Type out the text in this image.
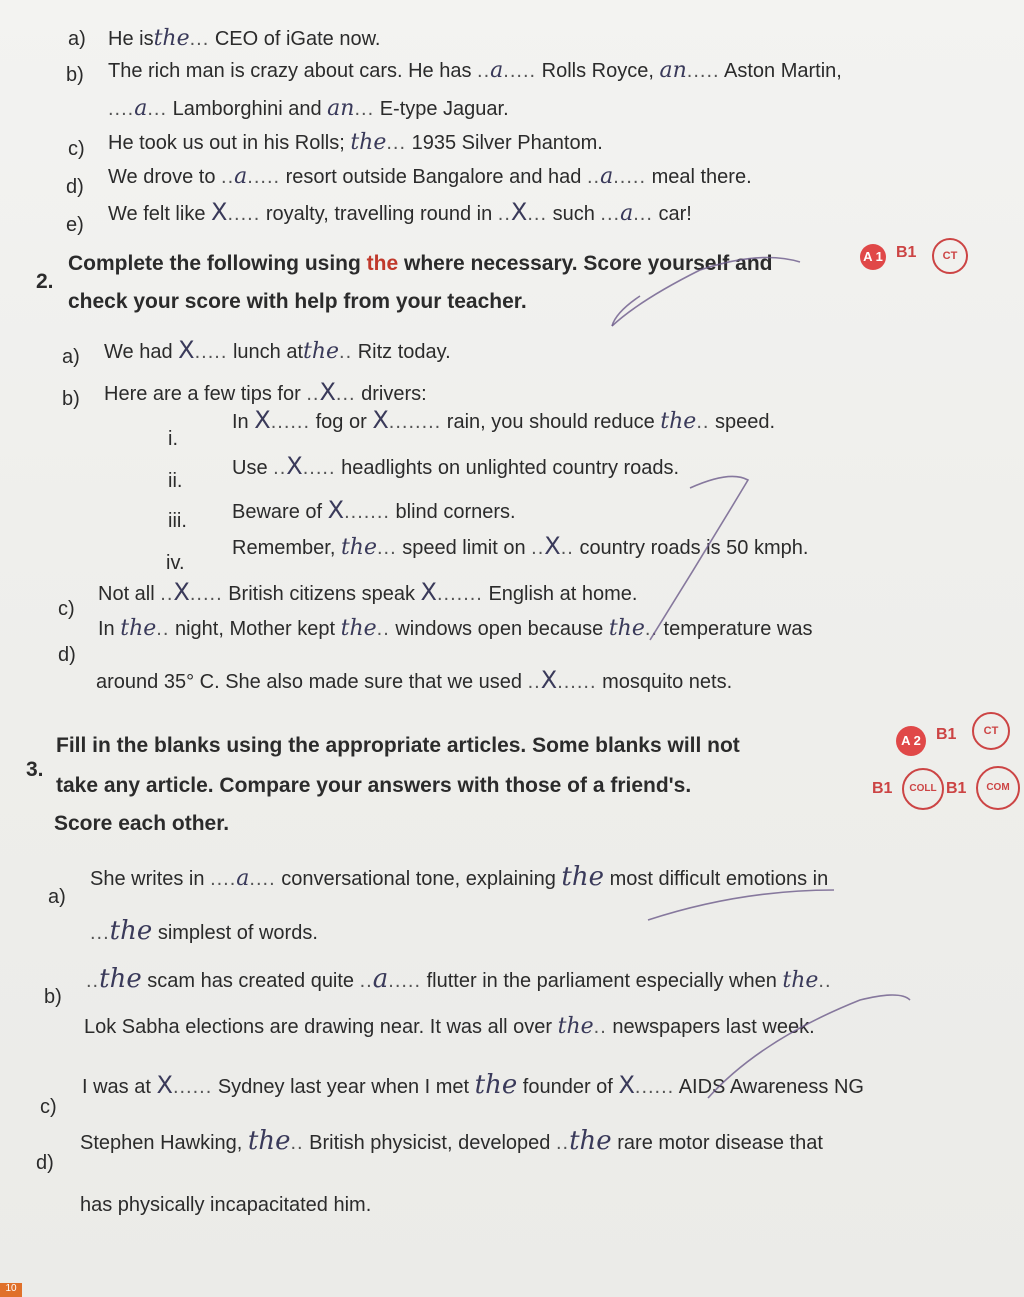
a) He isthe... CEO of iGate now.
b) The rich man is crazy about cars. He has ..a..... Rolls Royce, an..... Aston Martin,
....a... Lamborghini and an... E-type Jaguar.
c) He took us out in his Rolls; the... 1935 Silver Phantom.
d) We drove to ..a..... resort outside Bangalore and had ..a..... meal there.
e) We felt like X..... royalty, travelling round in ..X... such ...a... car!
2.
Complete the following using the where necessary. Score yourself and
check your score with help from your teacher.
A 1 B1	CT
a) We had X..... lunch atthe.. Ritz today.
b) Here are a few tips for ..X... drivers:
i.
In X...... fog or X........ rain, you should reduce the.. speed.
ii.
Use ..X..... headlights on unlighted country roads.
iii. Beware of X....... blind corners.
iv.
Remember, the... speed limit on ..X.. country roads is 50 kmph.
c)
Not all ..X..... British citizens speak X....... English at home.
d)
In the.. night, Mother kept the.. windows open because the.. temperature was
around 35° C. She also made sure that we used ..X...... mosquito nets.
3.
Fill in the blanks using the appropriate articles. Some blanks will not
take any article. Compare your answers with those of a friend's.
Score each other.
A 2 B1	CT
B1	COLL B1	COM
a)
She writes in ....a.... conversational tone, explaining the most difficult emotions in
...the simplest of words.
b)
..the scam has created quite ..a..... flutter in the parliament especially when the..
Lok Sabha elections are drawing near. It was all over the.. newspapers last week.
c)
I was at X...... Sydney last year when I met the founder of X...... AIDS Awareness NG
d)
Stephen Hawking, the.. British physicist, developed ..the rare motor disease that
has physically incapacitated him.
10
